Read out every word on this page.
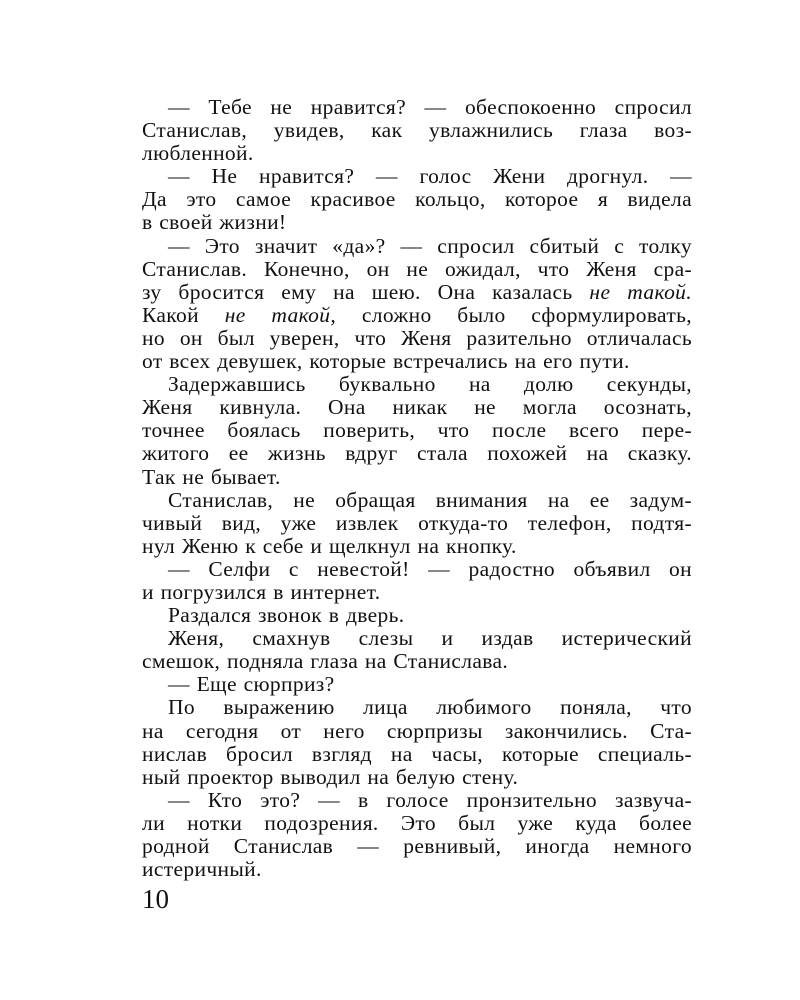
— Тебе не нравится? — обеспокоенно спросил
Станислав, увидев, как увлажнились глаза воз-
любленной.
— Не нравится? — голос Жени дрогнул. —
Да это самое красивое кольцо, которое я видела
в своей жизни!
— Это значит «да»? — спросил сбитый с толку
Станислав. Конечно, он не ожидал, что Женя сра-
зу бросится ему на шею. Она казалась не такой.
Какой не такой, сложно было сформулировать,
но он был уверен, что Женя разительно отличалась
от всех девушек, которые встречались на его пути.
Задержавшись буквально на долю секунды,
Женя кивнула. Она никак не могла осознать,
точнее боялась поверить, что после всего пере-
житого ее жизнь вдруг стала похожей на сказку.
Так не бывает.
Станислав, не обращая внимания на ее задум-
чивый вид, уже извлек откуда-то телефон, подтя-
нул Женю к себе и щелкнул на кнопку.
— Селфи с невестой! — радостно объявил он
и погрузился в интернет.
Раздался звонок в дверь.
Женя, смахнув слезы и издав истерический
смешок, подняла глаза на Станислава.
— Еще сюрприз?
По выражению лица любимого поняла, что
на сегодня от него сюрпризы закончились. Ста-
нислав бросил взгляд на часы, которые специаль-
ный проектор выводил на белую стену.
— Кто это? — в голосе пронзительно зазвуча-
ли нотки подозрения. Это был уже куда более
родной Станислав — ревнивый, иногда немного
истеричный.
10
